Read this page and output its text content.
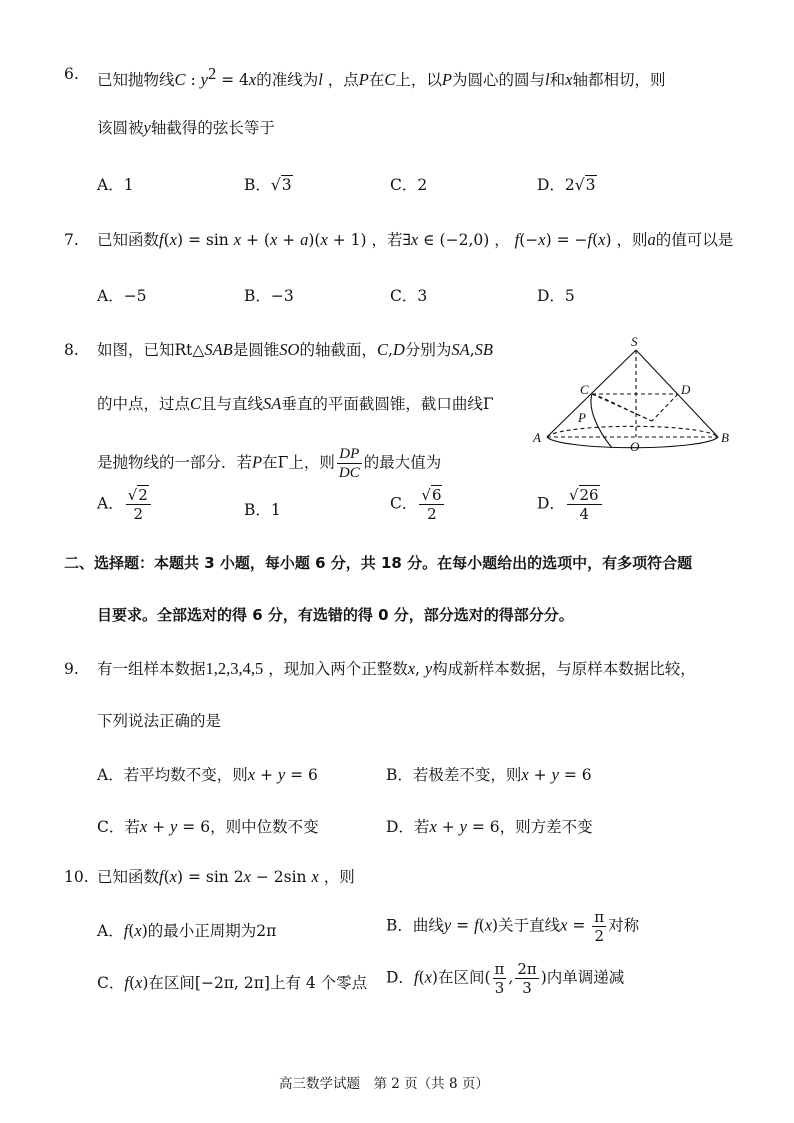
6. 已知抛物线C : $y^2 = 4x$的准线为l ，点P在C上，以P为圆心的圆与l和x轴都相切，则
该圆被y轴截得的弦长等于
A．1	B．√3	C．2	D．2√3
7. 已知函数f(x) = sin x + (x + a)(x + 1) ，若∃x ∈ (−2,0) ， f(−x) = −f(x) ，则a的值可以是
A．−5	B．−3	C．3	D．5
8. 如图，已知Rt△SAB是圆锥SO的轴截面，C,D分别为SA,SB
的中点，过点C且与直线SA垂直的平面截圆锥，截口曲线Γ
是抛物线的一部分．若P在Γ上，则 $\frac{DP}{DC}$ 的最大值为
A． $\frac{√2}{2}$	B．1	C． $\frac{√6}{2}$	D． $\frac{√26}{4}$
S
C	D
P
A
O
B
二、选择题：本题共 3 小题，每小题 6 分，共 18 分。在每小题给出的选项中，有多项符合题
目要求。全部选对的得 6 分，有选错的得 0 分，部分选对的得部分分。
9. 有一组样本数据1,2,3,4,5 ，现加入两个正整数x, y构成新样本数据，与原样本数据比较，
下列说法正确的是
A．若平均数不变，则x + y = 6	B．若极差不变，则x + y = 6
C．若x + y = 6，则中位数不变	D．若x + y = 6，则方差不变
10. 已知函数f(x) = sin 2x − 2sin x ，则
A．f(x)的最小正周期为2π	B．曲线y = f(x)关于直线$x = \frac{\pi}{2}$ 对称
C．f(x)在区间[−2π, 2π]上有 4 个零点 D．f(x)在区间( $\frac{\pi}{3}$ , $\frac{2\pi}{3}$ )内单调递减
高三数学试题　第 2 页（共 8 页）
